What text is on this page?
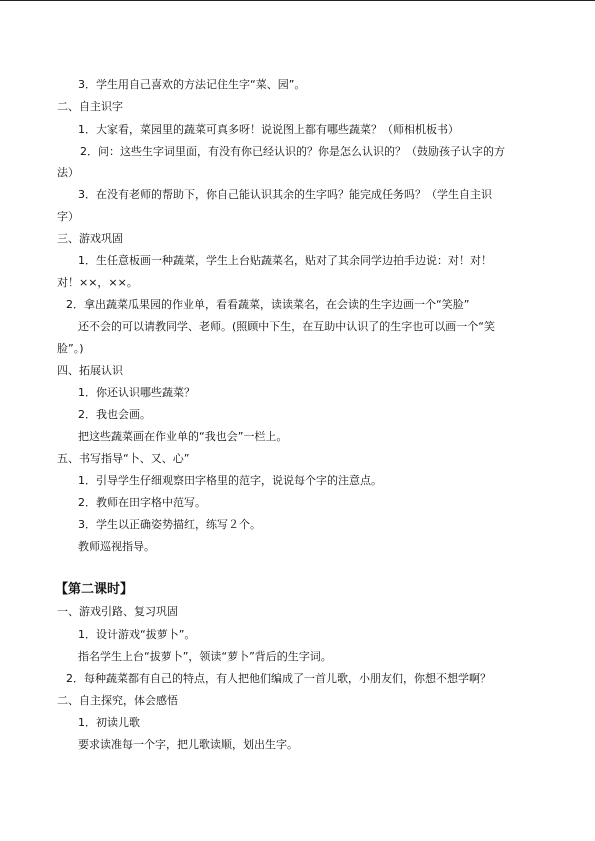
3．学生用自己喜欢的方法记住生字“菜、园”。
二、自主识字
1．大家看，菜园里的蔬菜可真多呀！说说图上都有哪些蔬菜？（师相机板书）
2．问：这些生字词里面，有没有你已经认识的？你是怎么认识的？（鼓励孩子认字的方
法）
3．在没有老师的帮助下，你自己能认识其余的生字吗？能完成任务吗？（学生自主识
字）
三、游戏巩固
1．生任意板画一种蔬菜，学生上台贴蔬菜名，贴对了其余同学边拍手边说：对！对！
对！××，××。
2．拿出蔬菜瓜果园的作业单，看看蔬菜，读读菜名，在会读的生字边画一个“笑脸”
还不会的可以请教同学、老师。(照顾中下生，在互助中认识了的生字也可以画一个“笑
脸”。)
四、拓展认识
1．你还认识哪些蔬菜？
2．我也会画。
把这些蔬菜画在作业单的“我也会”一栏上。
五、书写指导“卜、又、心”
1．引导学生仔细观察田字格里的范字，说说每个字的注意点。
2．教师在田字格中范写。
3．学生以正确姿势描红，练写２个。
教师巡视指导。
【第二课时】
一、游戏引路、复习巩固
1．设计游戏“拔萝卜”。
指名学生上台“拔萝卜”，领读“萝卜”背后的生字词。
2．每种蔬菜都有自己的特点，有人把他们编成了一首儿歌，小朋友们，你想不想学啊？
二、自主探究，体会感悟
1．初读儿歌
要求读准每一个字，把儿歌读顺，划出生字。
